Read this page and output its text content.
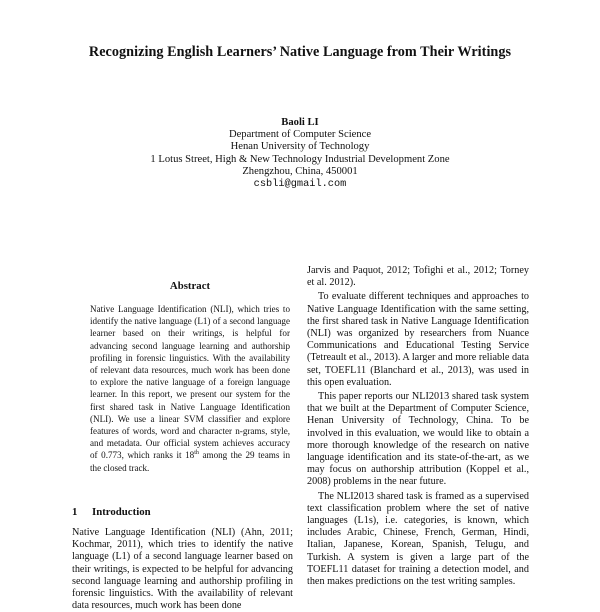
Recognizing English Learners’ Native Language from Their Writings
Baoli LI
Department of Computer Science
Henan University of Technology
1 Lotus Street, High & New Technology Industrial Development Zone
Zhengzhou, China, 450001
csbli@gmail.com
Abstract
Native Language Identification (NLI), which tries to identify the native language (L1) of a second language learner based on their writings, is helpful for advancing second language learning and authorship profiling in forensic linguistics. With the availability of relevant data resources, much work has been done to explore the native language of a foreign language learner. In this report, we present our system for the first shared task in Native Language Identification (NLI). We use a linear SVM classifier and explore features of words, word and character n-grams, style, and metadata. Our official system achieves accuracy of 0.773, which ranks it 18th among the 29 teams in the closed track.
1 Introduction
Native Language Identification (NLI) (Ahn, 2011; Kochmar, 2011), which tries to identify the native language (L1) of a second language learner based on their writings, is expected to be helpful for advancing second language learning and authorship profiling in forensic linguistics. With the availability of relevant data resources, much work has been done

Jarvis and Paquot, 2012; Tofighi et al., 2012; Torney et al. 2012).

To evaluate different techniques and approaches to Native Language Identification with the same setting, the first shared task in Native Language Identification (NLI) was organized by researchers from Nuance Communications and Educational Testing Service (Tetreault et al., 2013). A larger and more reliable data set, TOEFL11 (Blanchard et al., 2013), was used in this open evaluation.

This paper reports our NLI2013 shared task system that we built at the Department of Computer Science, Henan University of Technology, China. To be involved in this evaluation, we would like to obtain a more thorough knowledge of the research on native language identification and its state-of-the-art, as we may focus on authorship attribution (Koppel et al., 2008) problems in the near future.

The NLI2013 shared task is framed as a supervised text classification problem where the set of native languages (L1s), i.e. categories, is known, which includes Arabic, Chinese, French, German, Hindi, Italian, Japanese, Korean, Spanish, Telugu, and Turkish. A system is given a large part of the TOEFL11 dataset for training a detection model, and then makes predictions on the test writing samples.
